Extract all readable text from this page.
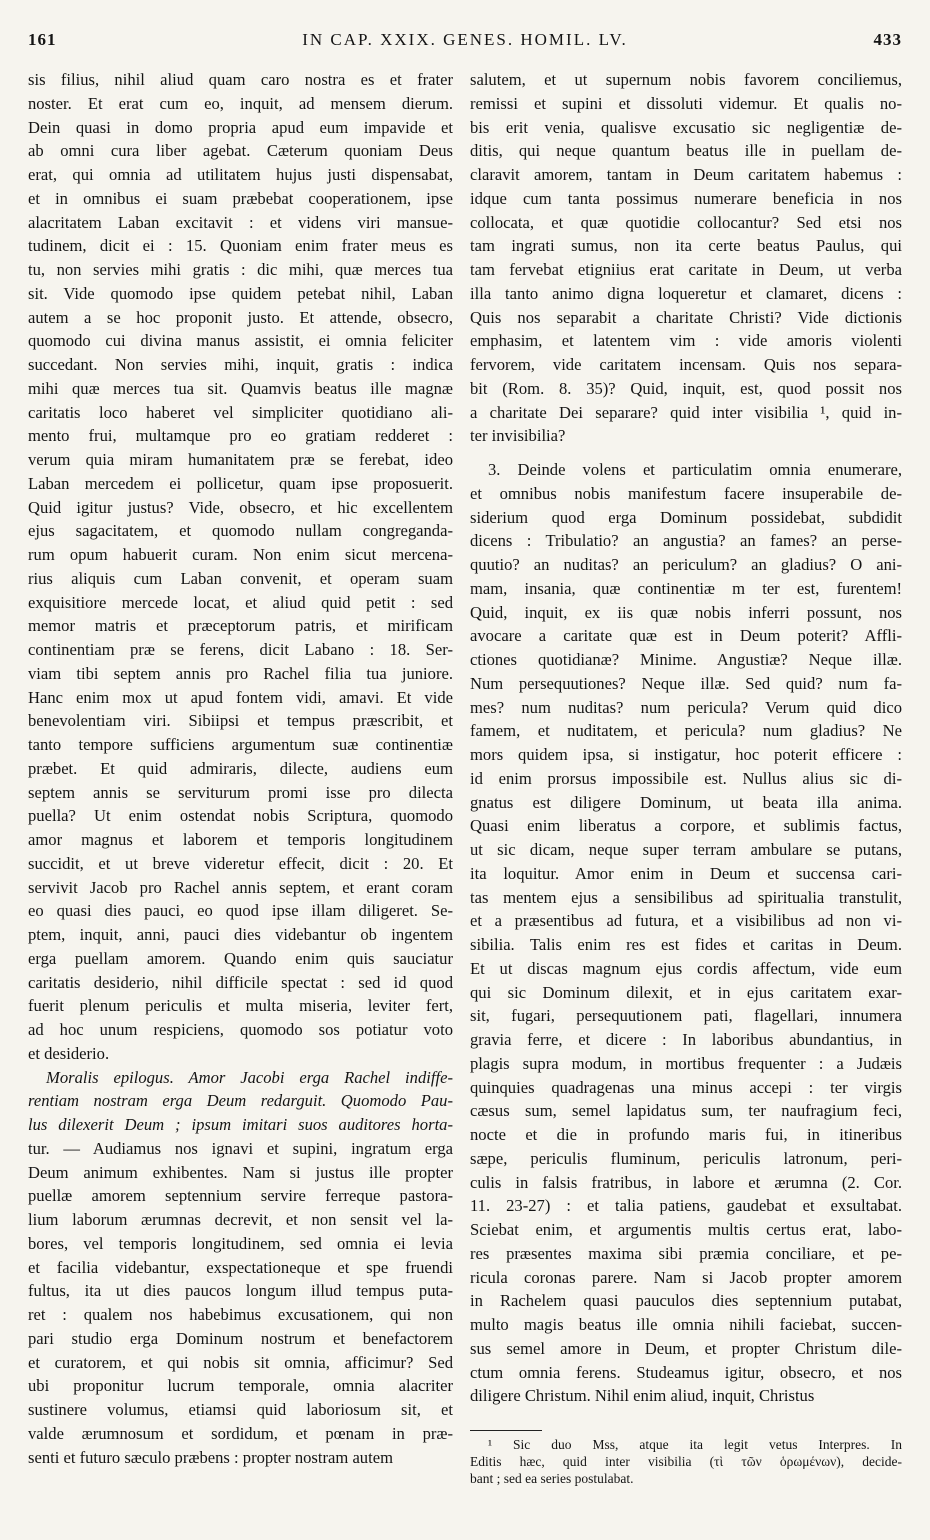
161	IN CAP. XXIX. GENES. HOMIL. LV.	433
sis filius, nihil aliud quam caro nostra es et frater
noster. Et erat cum eo, inquit, ad mensem dierum.
Dein quasi in domo propria apud eum impavide et
ab omni cura liber agebat. Cæterum quoniam Deus
erat, qui omnia ad utilitatem hujus justi dispensabat,
et in omnibus ei suam præbebat cooperationem, ipse
alacritatem Laban excitavit : et videns viri mansue-
tudinem, dicit ei : 15. Quoniam enim frater meus es
tu, non servies mihi gratis : dic mihi, quæ merces tua
sit. Vide quomodo ipse quidem petebat nihil, Laban
autem a se hoc proponit justo. Et attende, obsecro,
quomodo cui divina manus assistit, ei omnia feliciter
succedant. Non servies mihi, inquit, gratis : indica
mihi quæ merces tua sit. Quamvis beatus ille magnæ
caritatis loco haberet vel simpliciter quotidiano ali-
mento frui, multamque pro eo gratiam redderet :
verum quia miram humanitatem præ se ferebat, ideo
Laban mercedem ei pollicetur, quam ipse proposuerit.
Quid igitur justus? Vide, obsecro, et hic excellentem
ejus sagacitatem, et quomodo nullam congreganda-
rum opum habuerit curam. Non enim sicut mercena-
rius aliquis cum Laban convenit, et operam suam
exquisitiore mercede locat, et aliud quid petit : sed
memor matris et præceptorum patris, et mirificam
continentiam præ se ferens, dicit Labano : 18. Ser-
viam tibi septem annis pro Rachel filia tua juniore.
Hanc enim mox ut apud fontem vidi, amavi. Et vide
benevolentiam viri. Sibiipsi et tempus præscribit, et
tanto tempore sufficiens argumentum suæ continentiæ
præbet. Et quid admiraris, dilecte, audiens eum
septem annis se serviturum promi isse pro dilecta
puella? Ut enim ostendat nobis Scriptura, quomodo
amor magnus et laborem et temporis longitudinem
succidit, et ut breve videretur effecit, dicit : 20. Et
servivit Jacob pro Rachel annis septem, et erant coram
eo quasi dies pauci, eo quod ipse illam diligeret. Se-
ptem, inquit, anni, pauci dies videbantur ob ingentem
erga puellam amorem. Quando enim quis sauciatur
caritatis desiderio, nihil difficile spectat : sed id quod
fuerit plenum periculis et multa miseria, leviter fert,
ad hoc unum respiciens, quomodo sos potiatur voto
et desiderio.
Moralis epilogus. Amor Jacobi erga Rachel indiffe-
rentiam nostram erga Deum redarguit. Quomodo Pau-
lus dilexerit Deum ; ipsum imitari suos auditores horta-
tur. — Audiamus nos ignavi et supini, ingratum erga
Deum animum exhibentes. Nam si justus ille propter
puellæ amorem septennium servire ferreque pastora-
lium laborum ærumnas decrevit, et non sensit vel la-
bores, vel temporis longitudinem, sed omnia ei levia
et facilia videbantur, exspectationeque et spe fruendi
fultus, ita ut dies paucos longum illud tempus puta-
ret : qualem nos habebimus excusationem, qui non
pari studio erga Dominum nostrum et benefactorem
et curatorem, et qui nobis sit omnia, afficimur? Sed
ubi proponitur lucrum temporale, omnia alacriter
sustinere volumus, etiamsi quid laboriosum sit, et
valde ærumnosum et sordidum, et pœnam in præ-
senti et futuro sæculo præbens : propter nostram autem
salutem, et ut supernum nobis favorem conciliemus,
remissi et supini et dissoluti videmur. Et qualis no-
bis erit venia, qualisve excusatio sic negligentiæ de-
ditis, qui neque quantum beatus ille in puellam de-
claravit amorem, tantam in Deum caritatem habemus :
idque cum tanta possimus numerare beneficia in nos
collocata, et quæ quotidie collocantur? Sed etsi nos
tam ingrati sumus, non ita certe beatus Paulus, qui
tam fervebat etigniius erat caritate in Deum, ut verba
illa tanto animo digna loqueretur et clamaret, dicens :
Quis nos separabit a charitate Christi? Vide dictionis
emphasim, et latentem vim : vide amoris violenti
fervorem, vide caritatem incensam. Quis nos separa-
bit (Rom. 8. 35)? Quid, inquit, est, quod possit nos
a charitate Dei separare? quid inter visibilia ¹, quid in-
ter invisibilia?
3. Deinde volens et particulatim omnia enumerare,
et omnibus nobis manifestum facere insuperabile de-
siderium quod erga Dominum possidebat, subdidit
dicens : Tribulatio? an angustia? an fames? an perse-
quutio? an nuditas? an periculum? an gladius? O ani-
mam, insania, quæ continentiæ m ter est, furentem!
Quid, inquit, ex iis quæ nobis inferri possunt, nos
avocare a caritate quæ est in Deum poterit? Affli-
ctiones quotidianæ? Minime. Angustiæ? Neque illæ.
Num persequutiones? Neque illæ. Sed quid? num fa-
mes? num nuditas? num pericula? Verum quid dico
famem, et nuditatem, et pericula? num gladius? Ne
mors quidem ipsa, si instigatur, hoc poterit efficere :
id enim prorsus impossibile est. Nullus alius sic di-
gnatus est diligere Dominum, ut beata illa anima.
Quasi enim liberatus a corpore, et sublimis factus,
ut sic dicam, neque super terram ambulare se putans,
ita loquitur. Amor enim in Deum et succensa cari-
tas mentem ejus a sensibilibus ad spiritualia transtulit,
et a præsentibus ad futura, et a visibilibus ad non vi-
sibilia. Talis enim res est fides et caritas in Deum.
Et ut discas magnum ejus cordis affectum, vide eum
qui sic Dominum dilexit, et in ejus caritatem exar-
sit, fugari, persequutionem pati, flagellari, innumera
gravia ferre, et dicere : In laboribus abundantius, in
plagis supra modum, in mortibus frequenter : a Judæis
quinquies quadragenas una minus accepi : ter virgis
cæsus sum, semel lapidatus sum, ter naufragium feci,
nocte et die in profundo maris fui, in itineribus
sæpe, periculis fluminum, periculis latronum, peri-
culis in falsis fratribus, in labore et ærumna (2. Cor.
11. 23-27) : et talia patiens, gaudebat et exsultabat.
Sciebat enim, et argumentis multis certus erat, labo-
res præsentes maxima sibi præmia conciliare, et pe-
ricula coronas parere. Nam si Jacob propter amorem
in Rachelem quasi pauculos dies septennium putabat,
multo magis beatus ille omnia nihili faciebat, succen-
sus semel amore in Deum, et propter Christum dile-
ctum omnia ferens. Studeamus igitur, obsecro, et nos
diligere Christum. Nihil enim aliud, inquit, Christus
¹ Sic duo Mss, atque ita legit vetus Interpres. In
Editis hæc, quid inter visibilia (τὶ τῶν ὁρωμένων), decide-
bant ; sed ea series postulabat.
